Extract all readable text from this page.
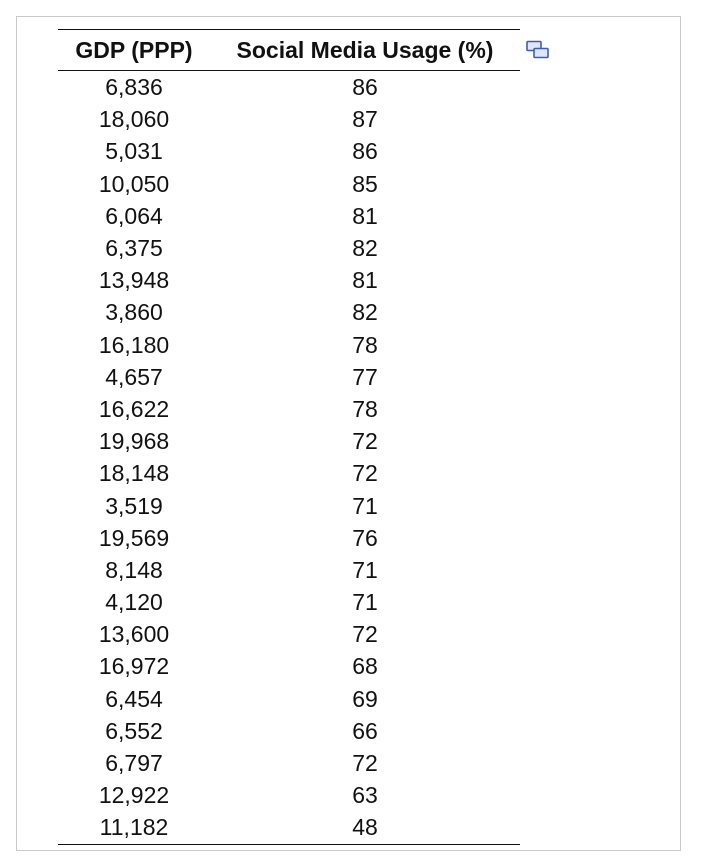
GDP (PPP)	Social Media Usage (%)
6,836	86
18,060	87
5,031	86
10,050	85
6,064	81
6,375	82
13,948	81
3,860	82
16,180	78
4,657	77
16,622	78
19,968	72
18,148	72
3,519	71
19,569	76
8,148	71
4,120	71
13,600	72
16,972	68
6,454	69
6,552	66
6,797	72
12,922	63
11,182	48
